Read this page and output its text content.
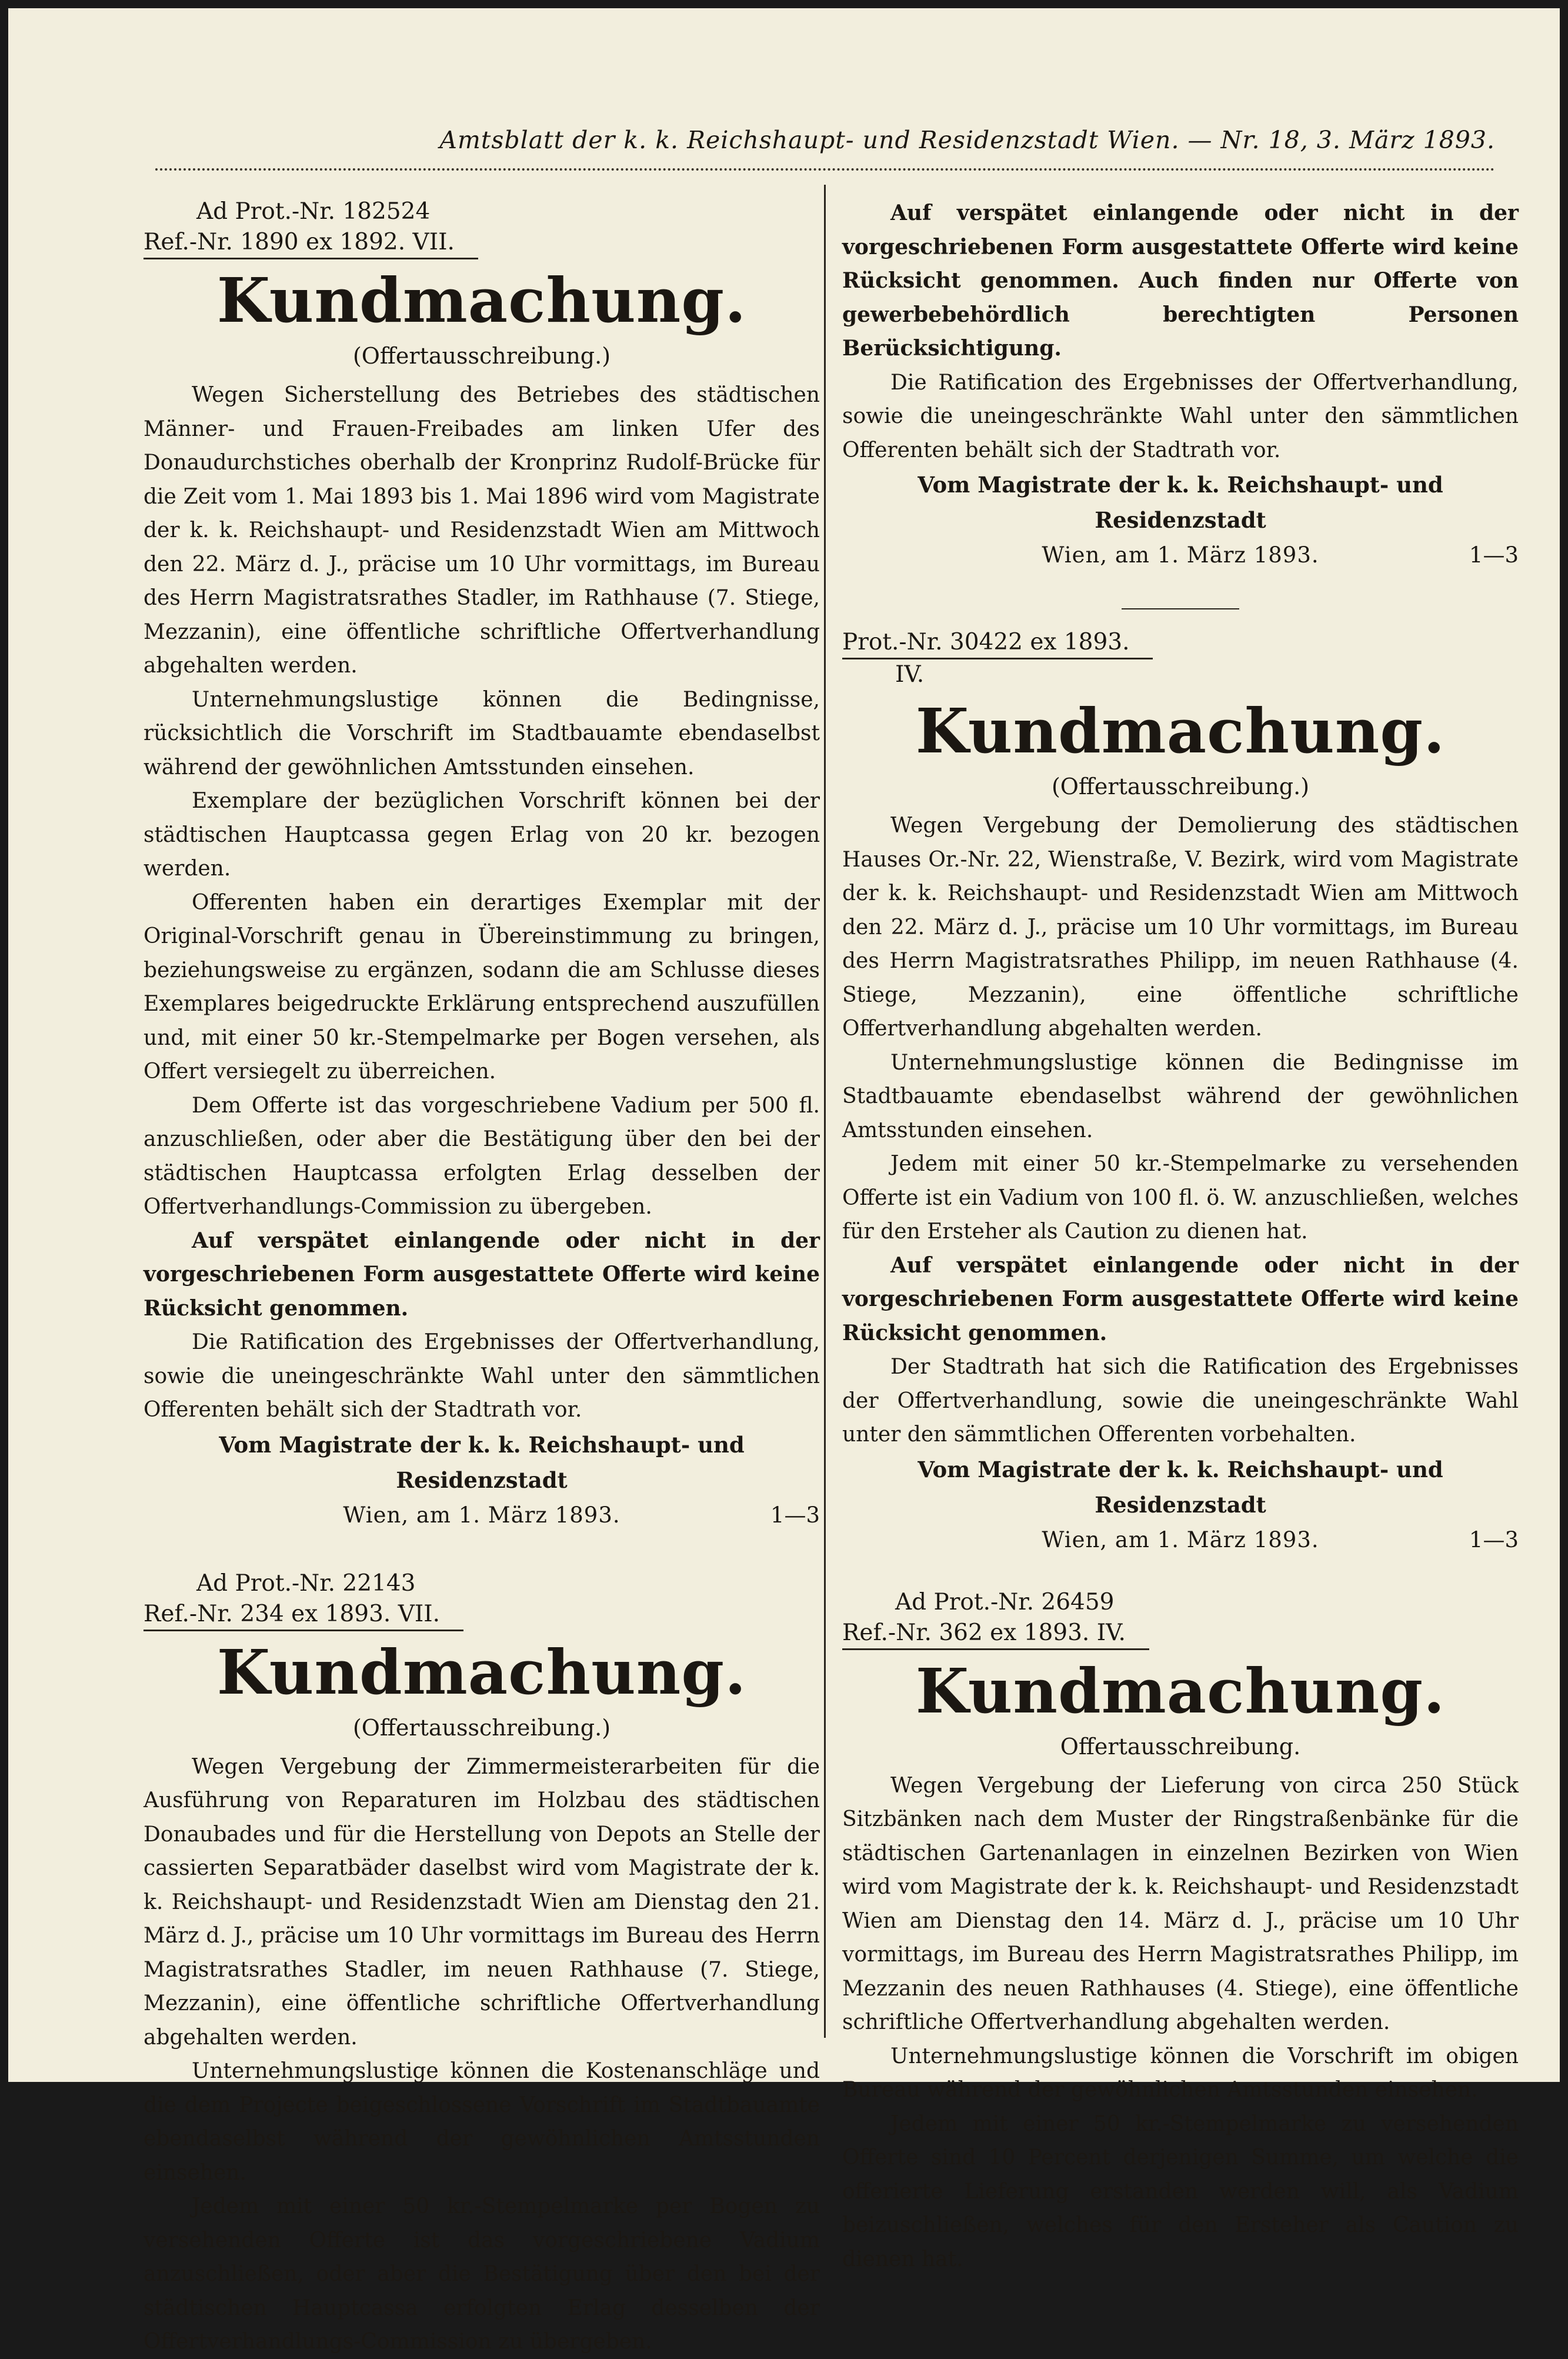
Amtsblatt der k. k. Reichshaupt- und Residenzstadt Wien. — Nr. 18, 3. März 1893.
Ad Prot.-Nr. 182524
Ref.-Nr. 1890 ex 1892. VII.
Kundmachung.
(Offertausschreibung.)

Wegen Sicherstellung des Betriebes des städtischen Männer- und Frauen-Freibades am linken Ufer des Donaudurchstiches oberhalb der Kronprinz Rudolf-Brücke für die Zeit vom 1. Mai 1893 bis 1. Mai 1896 wird vom Magistrate der k. k. Reichshaupt- und Residenzstadt Wien am Mittwoch den 22. März d. J., präcise um 10 Uhr vormittags, im Bureau des Herrn Magistratsrathes Stadler, im Rathhause (7. Stiege, Mezzanin), eine öffentliche schriftliche Offertverhandlung abgehalten werden.

Unternehmungslustige können die Bedingnisse, rücksichtlich die Vorschrift im Stadtbauamte ebendaselbst während der gewöhnlichen Amtsstunden einsehen.

Exemplare der bezüglichen Vorschrift können bei der städtischen Hauptcassa gegen Erlag von 20 kr. bezogen werden.

Offerenten haben ein derartiges Exemplar mit der Original-Vorschrift genau in Übereinstimmung zu bringen, beziehungsweise zu ergänzen, sodann die am Schlusse dieses Exemplares beigedruckte Erklärung entsprechend auszufüllen und, mit einer 50 kr.-Stempelmarke per Bogen versehen, als Offert versiegelt zu überreichen.

Dem Offerte ist das vorgeschriebene Vadium per 500 fl. anzuschließen, oder aber die Bestätigung über den bei der städtischen Hauptcassa erfolgten Erlag desselben der Offertverhandlungs-Commission zu übergeben.

Auf verspätet einlangende oder nicht in der vorgeschriebenen Form ausgestattete Offerte wird keine Rücksicht genommen.

Die Ratification des Ergebnisses der Offertverhandlung, sowie die uneingeschränkte Wahl unter den sämmtlichen Offerenten behält sich der Stadtrath vor.

Vom Magistrate der k. k. Reichshaupt- und Residenzstadt
Wien, am 1. März 1893.	1—3
Ad Prot.-Nr. 22143
Ref.-Nr. 234 ex 1893. VII.
Kundmachung.
(Offertausschreibung.)

Wegen Vergebung der Zimmermeisterarbeiten für die Ausführung von Reparaturen im Holzbau des städtischen Donaubades und für die Herstellung von Depots an Stelle der cassierten Separatbäder daselbst wird vom Magistrate der k. k. Reichshaupt- und Residenzstadt Wien am Dienstag den 21. März d. J., präcise um 10 Uhr vormittags im Bureau des Herrn Magistratsrathes Stadler, im neuen Rathhause (7. Stiege, Mezzanin), eine öffentliche schriftliche Offertverhandlung abgehalten werden.

Unternehmungslustige können die Kostenanschläge und die dem Projecte beigeschlossene Vorschrift im Stadtbauamte ebendaselbst während der gewöhnlichen Amtsstunden einsehen.

Jedem mit einer 50 kr.-Stempelmarke per Bogen zu versehenden Offerte ist das vorgeschriebene Vadium anzuschließen, oder aber die Bestätigung über den bei der städtischen Hauptcassa erfolgten Erlag desselben der Offertverhandlungs-Commission zu übergeben.

Auf verspätet einlangende oder nicht in der vorgeschriebenen Form ausgestattete Offerte wird keine Rücksicht genommen. Auch finden nur Offerte von gewerbebehördlich berechtigten Personen Berücksichtigung.

Die Ratification des Ergebnisses der Offertverhandlung, sowie die uneingeschränkte Wahl unter den sämmtlichen Offerenten behält sich der Stadtrath vor.

Vom Magistrate der k. k. Reichshaupt- und Residenzstadt
Wien, am 1. März 1893.	1—3
Prot.-Nr. 30422 ex 1893.
IV.
Kundmachung.
(Offertausschreibung.)

Wegen Vergebung der Demolierung des städtischen Hauses Or.-Nr. 22, Wienstraße, V. Bezirk, wird vom Magistrate der k. k. Reichshaupt- und Residenzstadt Wien am Mittwoch den 22. März d. J., präcise um 10 Uhr vormittags, im Bureau des Herrn Magistratsrathes Philipp, im neuen Rathhause (4. Stiege, Mezzanin), eine öffentliche schriftliche Offertverhandlung abgehalten werden.

Unternehmungslustige können die Bedingnisse im Stadtbauamte ebendaselbst während der gewöhnlichen Amtsstunden einsehen.

Jedem mit einer 50 kr.-Stempelmarke zu versehenden Offerte ist ein Vadium von 100 fl. ö. W. anzuschließen, welches für den Ersteher als Caution zu dienen hat.

Auf verspätet einlangende oder nicht in der vorgeschriebenen Form ausgestattete Offerte wird keine Rücksicht genommen.

Der Stadtrath hat sich die Ratification des Ergebnisses der Offertverhandlung, sowie die uneingeschränkte Wahl unter den sämmtlichen Offerenten vorbehalten.

Vom Magistrate der k. k. Reichshaupt- und Residenzstadt
Wien, am 1. März 1893.	1—3
Ad Prot.-Nr. 26459
Ref.-Nr. 362 ex 1893. IV.
Kundmachung.
Offertausschreibung.

Wegen Vergebung der Lieferung von circa 250 Stück Sitzbänken nach dem Muster der Ringstraßenbänke für die städtischen Gartenanlagen in einzelnen Bezirken von Wien wird vom Magistrate der k. k. Reichshaupt- und Residenzstadt Wien am Dienstag den 14. März d. J., präcise um 10 Uhr vormittags, im Bureau des Herrn Magistratsrathes Philipp, im Mezzanin des neuen Rathhauses (4. Stiege), eine öffentliche schriftliche Offertverhandlung abgehalten werden.

Unternehmungslustige können die Vorschrift im obigen Bureau während der gewöhnlichen Amtsstunden einsehen.

Jedem mit einer 50 kr.-Stempelmarke zu versehenden Offerte sind 10 Percent derjenigen Summe, um welche die offerierte Lieferung erstanden werden will, als Vadium beizuschließen, welches für den Ersteher als Caution zu dienen hat.
